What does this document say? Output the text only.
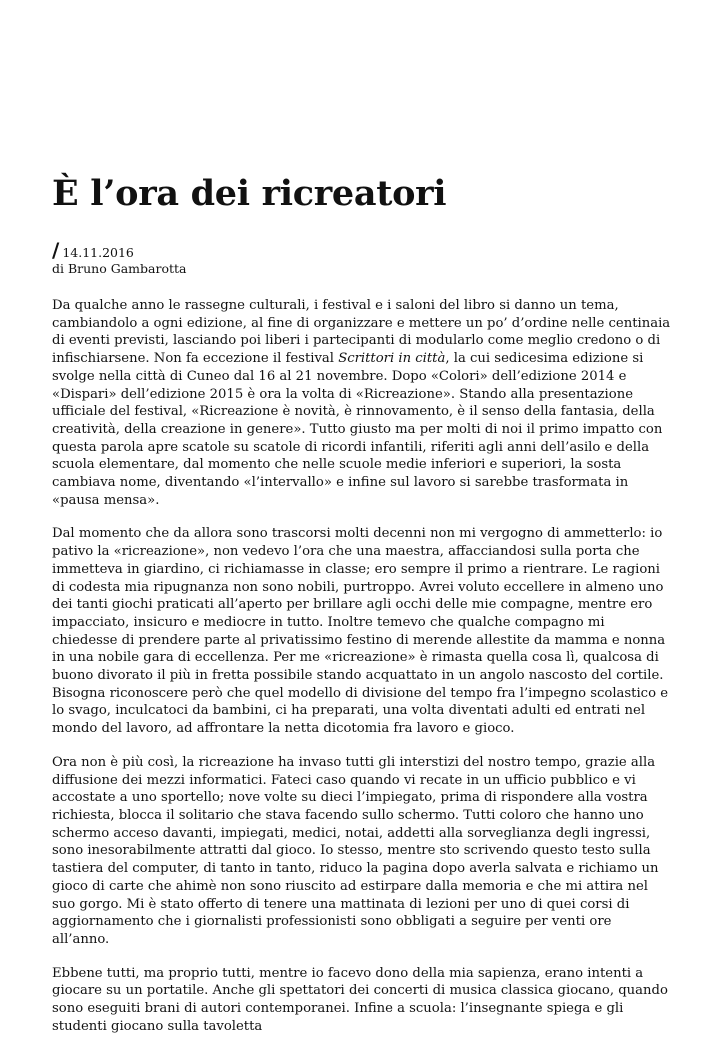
È l’ora dei ricreatori
/ 14.11.2016
di Bruno Gambarotta

Da qualche anno le rassegne culturali, i festival e i saloni del libro si danno un tema, cambiandolo a ogni edizione, al fine di organizzare e mettere un po’ d’ordine nelle centinaia di eventi previsti, lasciando poi liberi i partecipanti di modularlo come meglio credono o di infischiarsene. Non fa eccezione il festival Scrittori in città, la cui sedicesima edizione si svolge nella città di Cuneo dal 16 al 21 novembre. Dopo «Colori» dell’edizione 2014 e «Dispari» dell’edizione 2015 è ora la volta di «Ricreazione». Stando alla presentazione ufficiale del festival, «Ricreazione è novità, è rinnovamento, è il senso della fantasia, della creatività, della creazione in genere». Tutto giusto ma per molti di noi il primo impatto con questa parola apre scatole su scatole di ricordi infantili, riferiti agli anni dell’asilo e della scuola elementare, dal momento che nelle scuole medie inferiori e superiori, la sosta cambiava nome, diventando «l’intervallo» e infine sul lavoro si sarebbe trasformata in «pausa mensa».

Dal momento che da allora sono trascorsi molti decenni non mi vergogno di ammetterlo: io pativo la «ricreazione», non vedevo l’ora che una maestra, affacciandosi sulla porta che immetteva in giardino, ci richiamasse in classe; ero sempre il primo a rientrare. Le ragioni di codesta mia ripugnanza non sono nobili, purtroppo. Avrei voluto eccellere in almeno uno dei tanti giochi praticati all’aperto per brillare agli occhi delle mie compagne, mentre ero impacciato, insicuro e mediocre in tutto. Inoltre temevo che qualche compagno mi chiedesse di prendere parte al privatissimo festino di merende allestite da mamma e nonna in una nobile gara di eccellenza. Per me «ricreazione» è rimasta quella cosa lì, qualcosa di buono divorato il più in fretta possibile stando acquattato in un angolo nascosto del cortile. Bisogna riconoscere però che quel modello di divisione del tempo fra l’impegno scolastico e lo svago, inculcatoci da bambini, ci ha preparati, una volta diventati adulti ed entrati nel mondo del lavoro, ad affrontare la netta dicotomia fra lavoro e gioco.

Ora non è più così, la ricreazione ha invaso tutti gli interstizi del nostro tempo, grazie alla diffusione dei mezzi informatici. Fateci caso quando vi recate in un ufficio pubblico e vi accostate a uno sportello; nove volte su dieci l’impiegato, prima di rispondere alla vostra richiesta, blocca il solitario che stava facendo sullo schermo. Tutti coloro che hanno uno schermo acceso davanti, impiegati, medici, notai, addetti alla sorveglianza degli ingressi, sono inesorabilmente attratti dal gioco. Io stesso, mentre sto scrivendo questo testo sulla tastiera del computer, di tanto in tanto, riduco la pagina dopo averla salvata e richiamo un gioco di carte che ahimè non sono riuscito ad estirpare dalla memoria e che mi attira nel suo gorgo. Mi è stato offerto di tenere una mattinata di lezioni per uno di quei corsi di aggiornamento che i giornalisti professionisti sono obbligati a seguire per venti ore all’anno.

Ebbene tutti, ma proprio tutti, mentre io facevo dono della mia sapienza, erano intenti a giocare su un portatile. Anche gli spettatori dei concerti di musica classica giocano, quando sono eseguiti brani di autori contemporanei. Infine a scuola: l’insegnante spiega e gli studenti giocano sulla tavoletta
